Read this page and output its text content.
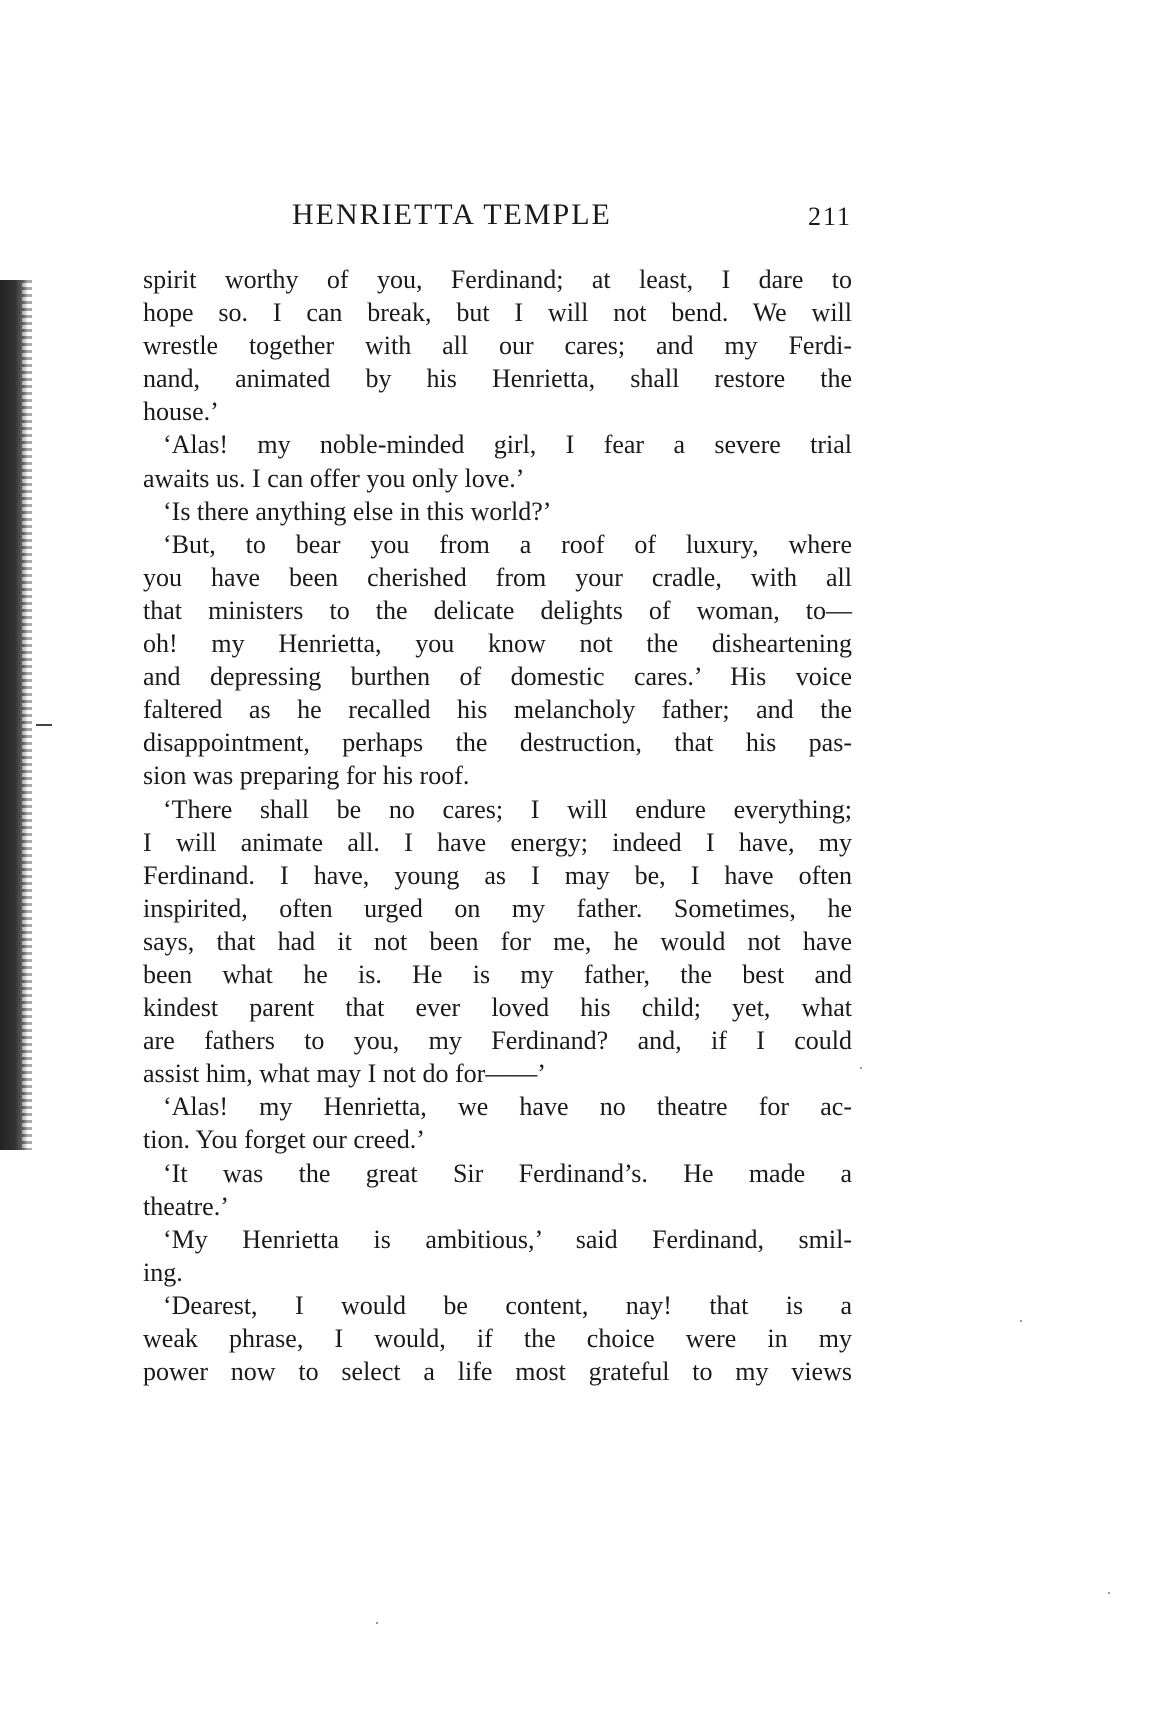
HENRIETTA TEMPLE	211
spirit worthy of you, Ferdinand; at least, I dare to
hope so. I can break, but I will not bend. We will
wrestle together with all our cares; and my Ferdi-
nand, animated by his Henrietta, shall restore the
house.’
‘Alas! my noble-minded girl, I fear a severe trial
awaits us. I can offer you only love.’
‘Is there anything else in this world?’
‘But, to bear you from a roof of luxury, where
you have been cherished from your cradle, with all
that ministers to the delicate delights of woman, to—
oh! my Henrietta, you know not the disheartening
and depressing burthen of domestic cares.’ His voice
faltered as he recalled his melancholy father; and the
disappointment, perhaps the destruction, that his pas-
sion was preparing for his roof.
‘There shall be no cares; I will endure everything;
I will animate all. I have energy; indeed I have, my
Ferdinand. I have, young as I may be, I have often
inspirited, often urged on my father. Sometimes, he
says, that had it not been for me, he would not have
been what he is. He is my father, the best and
kindest parent that ever loved his child; yet, what
are fathers to you, my Ferdinand? and, if I could
assist him, what may I not do for——’
‘Alas! my Henrietta, we have no theatre for ac-
tion. You forget our creed.’
‘It was the great Sir Ferdinand’s. He made a
theatre.’
‘My Henrietta is ambitious,’ said Ferdinand, smil-
ing.
‘Dearest, I would be content, nay! that is a
weak phrase, I would, if the choice were in my
power now to select a life most grateful to my views
